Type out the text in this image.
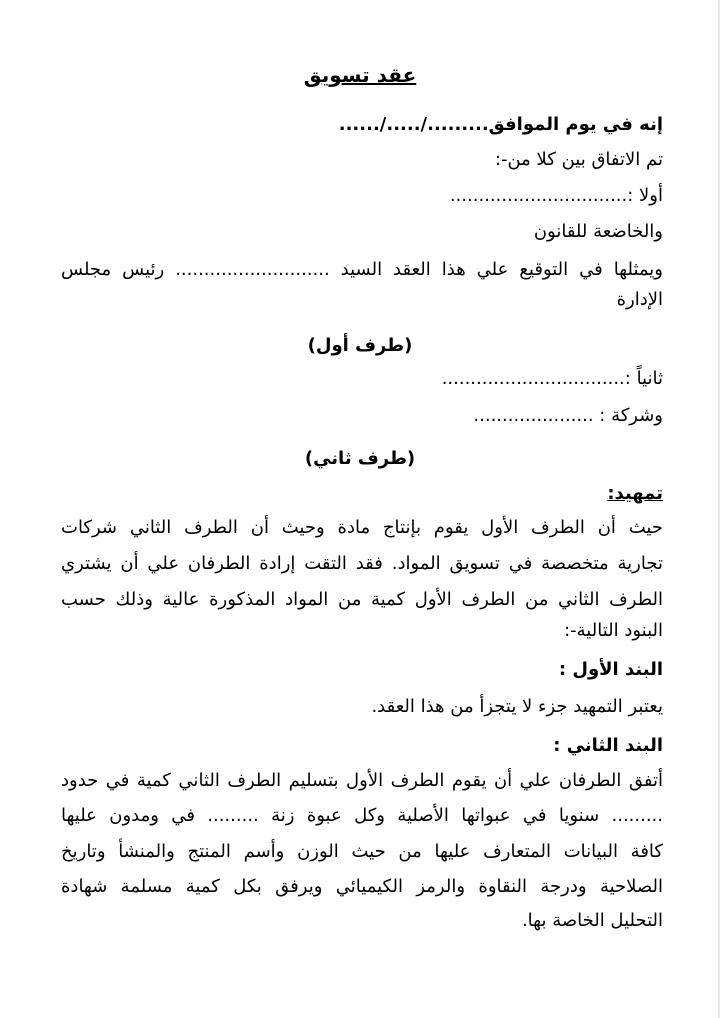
عقد تسويق
إنه في يوم الموافق........./...../......
تم الاتفاق بين كلا من-:
أولا :...............................
والخاضعة للقانون
ويمثلها في التوقيع علي هذا العقد السيد ........................... رئيس مجلس
الإدارة
(طرف أول)
ثانياً :................................
وشركة : .....................
(طرف ثاني)
تمهيد:
حيث أن الطرف الأول يقوم بإنتاج مادة وحيث أن الطرف الثاني شركات
تجارية متخصصة في تسويق المواد. فقد التقت إرادة الطرفان علي أن يشتري
الطرف الثاني من الطرف الأول كمية من المواد المذكورة عالية وذلك حسب
البنود التالية-:
البند الأول :
يعتبر التمهيد جزء لا يتجزأ من هذا العقد.
البند الثاني :
أتفق الطرفان علي أن يقوم الطرف الأول بتسليم الطرف الثاني كمية في حدود
......... سنويا في عبواتها الأصلية وكل عبوة زنة ......... في ومدون عليها
كافة البيانات المتعارف عليها من حيث الوزن وأسم المنتج والمنشأ وتاريخ
الصلاحية ودرجة النقاوة والرمز الكيميائي ويرفق بكل كمية مسلمة شهادة
التحليل الخاصة بها.
